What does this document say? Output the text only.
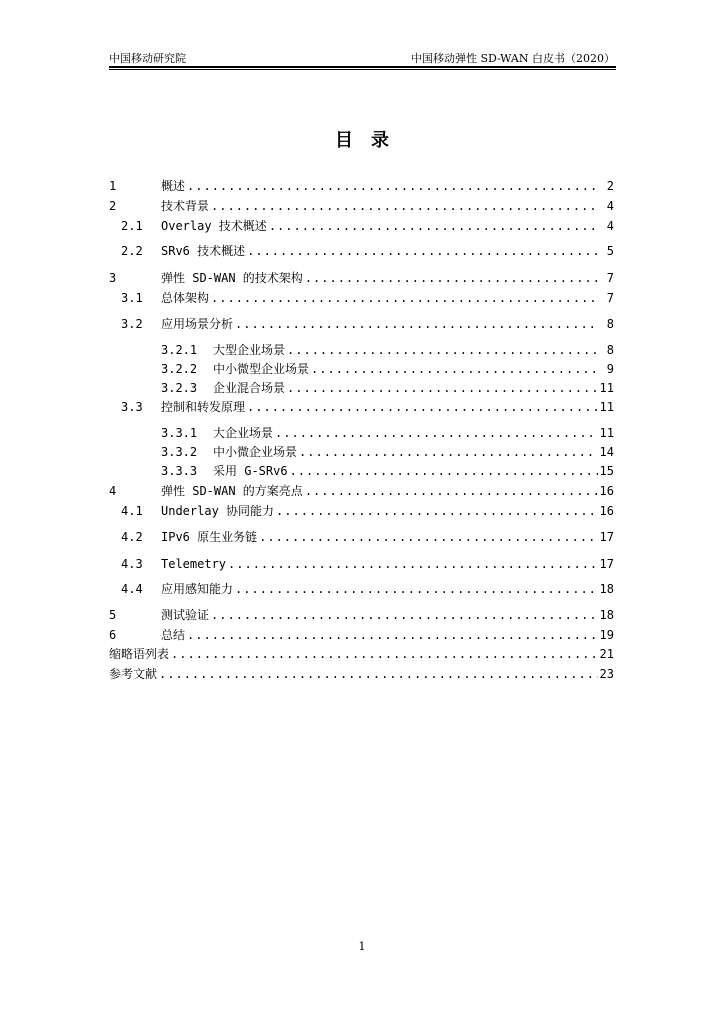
中国移动研究院	中国移动弹性 SD-WAN 白皮书（2020）
目录
1	概述 .....	2
2	技术背景 .....	4
2.1	Overlay 技术概述 .....	4
2.2	SRv6 技术概述 .....	5
3	弹性 SD-WAN 的技术架构 .....	7
3.1	总体架构 .....	7
3.2	应用场景分析 .....	8
3.2.1	大型企业场景 .....	8
3.2.2	中小微型企业场景 .....	9
3.2.3	企业混合场景 .....	11
3.3	控制和转发原理 .....	11
3.3.1	大企业场景 .....	11
3.3.2	中小微企业场景 .....	14
3.3.3	采用 G-SRv6 .....	15
4	弹性 SD-WAN 的方案亮点 .....	16
4.1	Underlay 协同能力 .....	16
4.2	IPv6 原生业务链 .....	17
4.3	Telemetry .....	17
4.4	应用感知能力 .....	18
5	测试验证 .....	18
6	总结 .....	19
缩略语列表 .....	21
参考文献 .....	23
1
